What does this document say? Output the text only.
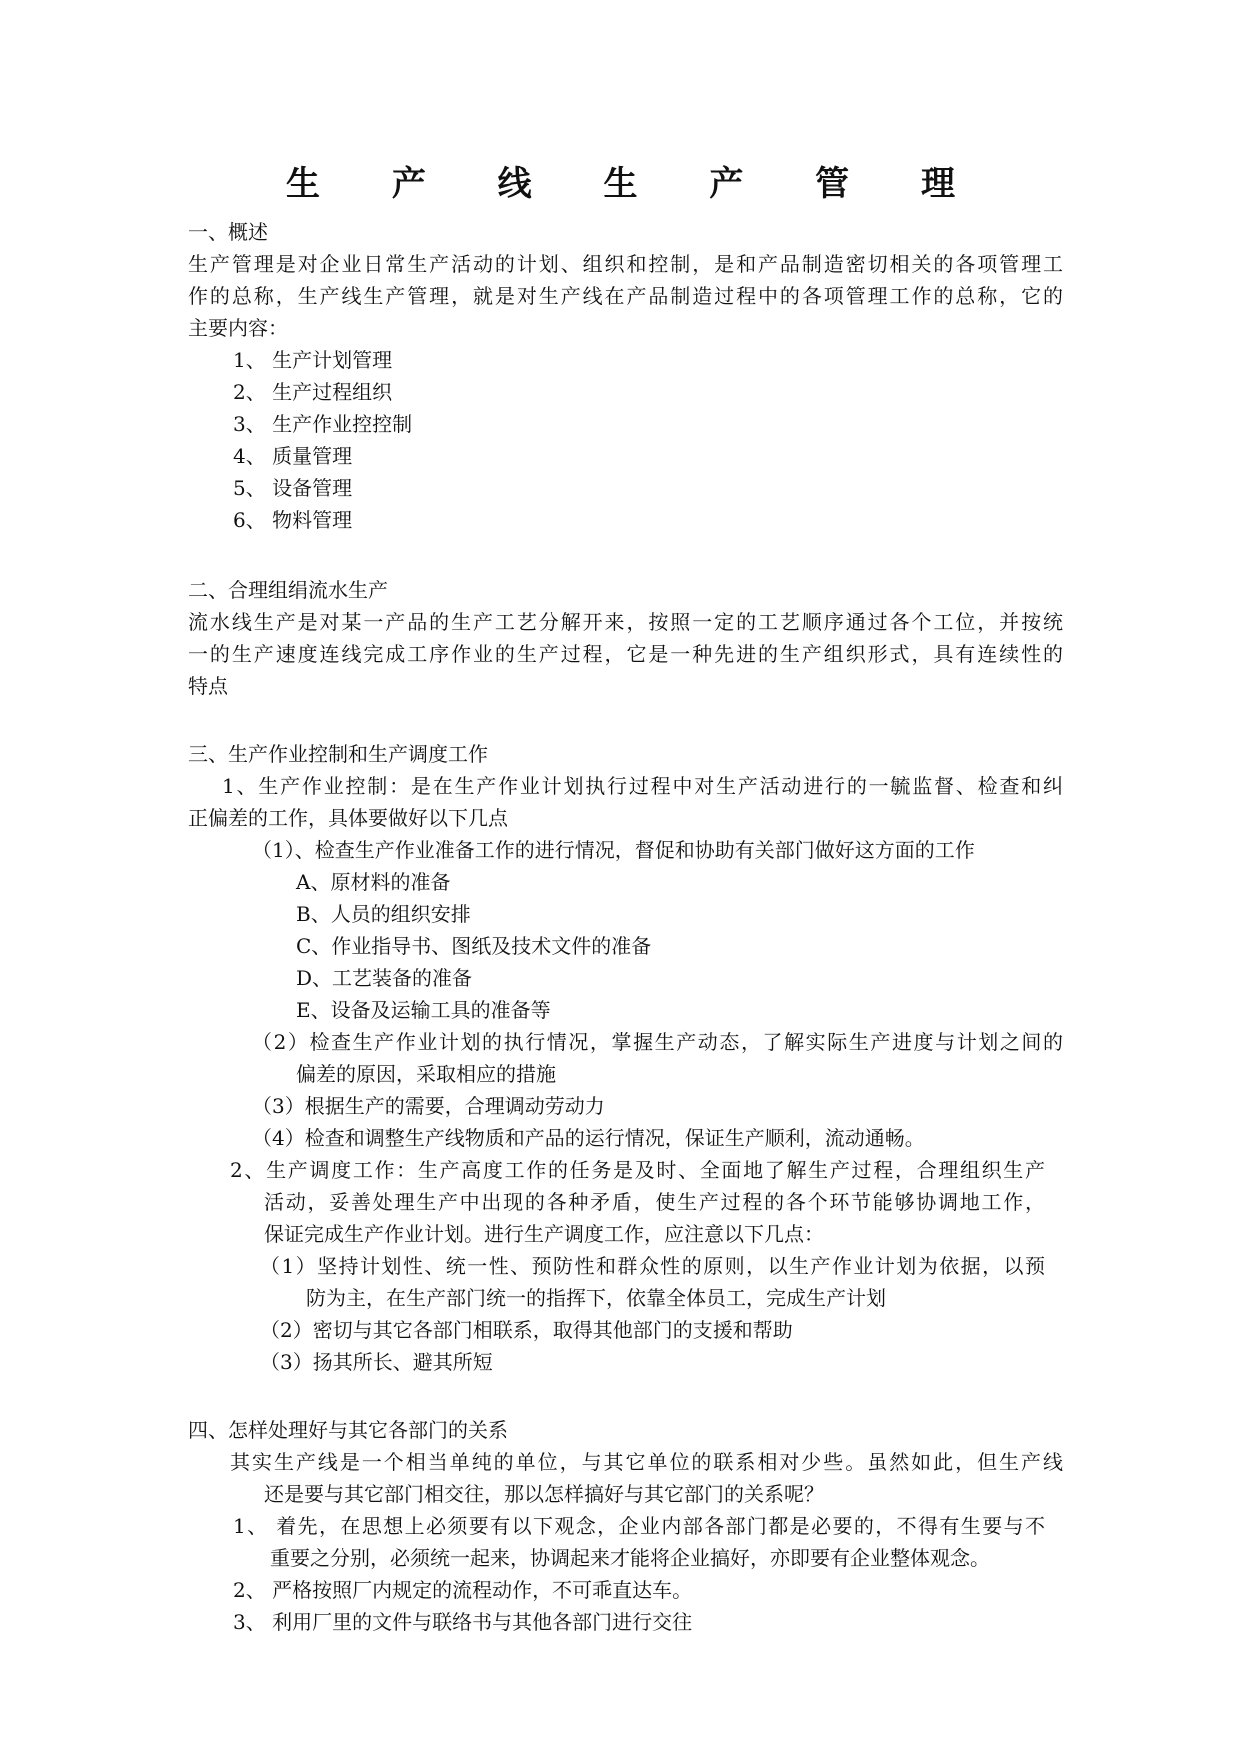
生 产 线 生 产 管 理
一、概述
生产管理是对企业日常生产活动的计划、组织和控制，是和产品制造密切相关的各项管理工
作的总称，生产线生产管理，就是对生产线在产品制造过程中的各项管理工作的总称，它的
主要内容：
1、 生产计划管理
2、 生产过程组织
3、 生产作业控控制
4、 质量管理
5、 设备管理
6、 物料管理
二、合理组绢流水生产
流水线生产是对某一产品的生产工艺分解开来，按照一定的工艺顺序通过各个工位，并按统
一的生产速度连线完成工序作业的生产过程，它是一种先进的生产组织形式，具有连续性的
特点
三、生产作业控制和生产调度工作
1、生产作业控制：是在生产作业计划执行过程中对生产活动进行的一毓监督、检查和纠
正偏差的工作，具体要做好以下几点
（1）、检查生产作业准备工作的进行情况，督促和协助有关部门做好这方面的工作
A、原材料的准备
B、人员的组织安排
C、作业指导书、图纸及技术文件的准备
D、工艺装备的准备
E、设备及运输工具的准备等
（2）检查生产作业计划的执行情况，掌握生产动态，了解实际生产进度与计划之间的
偏差的原因，采取相应的措施
（3）根据生产的需要，合理调动劳动力
（4）检查和调整生产线物质和产品的运行情况，保证生产顺利，流动通畅。
2、生产调度工作：生产高度工作的任务是及时、全面地了解生产过程，合理组织生产
活动，妥善处理生产中出现的各种矛盾，使生产过程的各个环节能够协调地工作，
保证完成生产作业计划。进行生产调度工作，应注意以下几点：
（1）坚持计划性、统一性、预防性和群众性的原则，以生产作业计划为依据，以预
防为主，在生产部门统一的指挥下，依靠全体员工，完成生产计划
（2）密切与其它各部门相联系，取得其他部门的支援和帮助
（3）扬其所长、避其所短
四、怎样处理好与其它各部门的关系
其实生产线是一个相当单纯的单位，与其它单位的联系相对少些。虽然如此，但生产线
还是要与其它部门相交往，那以怎样搞好与其它部门的关系呢？
1、 着先，在思想上必须要有以下观念，企业内部各部门都是必要的，不得有生要与不
重要之分别，必须统一起来，协调起来才能将企业搞好，亦即要有企业整体观念。
2、 严格按照厂内规定的流程动作，不可乖直达车。
3、 利用厂里的文件与联络书与其他各部门进行交往
